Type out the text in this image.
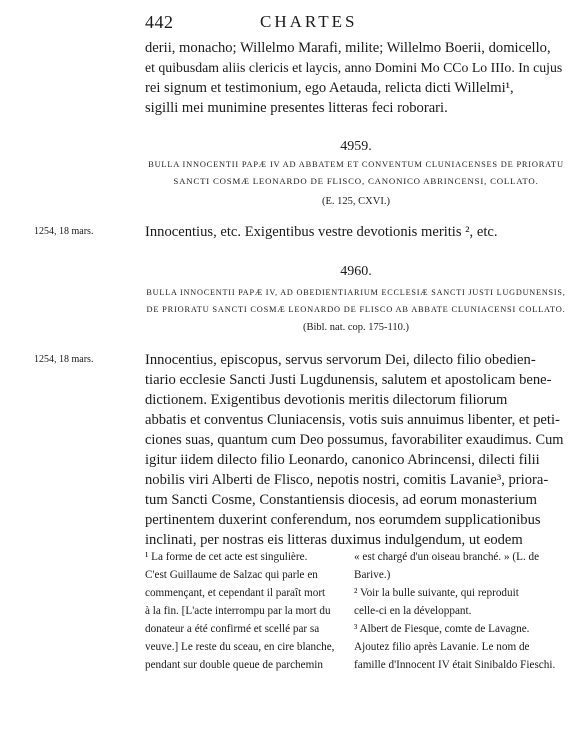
442	CHARTES
derii, monacho; Willelmo Marafi, milite; Willelmo Boerii, domicello,
et quibusdam aliis clericis et laycis, anno Domini Mo CCo Lo IIIo. In cujus
rei signum et testimonium, ego Aetauda, relicta dicti Willelmi¹,
sigilli mei munimine presentes litteras feci roborari.
4959.
BULLA INNOCENTII PAPÆ IV AD ABBATEM ET CONVENTUM CLUNIACENSES DE PRIORATU
SANCTI COSMÆ LEONARDO DE FLISCO, CANONICO ABRINCENSI, COLLATO.
(E. 125, CXVI.)
1254, 18 mars.	Innocentius, etc. Exigentibus vestre devotionis meritis ², etc.
4960.
BULLA INNOCENTII PAPÆ IV, AD OBEDIENTIARIUM ECCLESIÆ SANCTI JUSTI LUGDUNENSIS,
DE PRIORATU SANCTI COSMÆ LEONARDO DE FLISCO AB ABBATE CLUNIACENSI COLLATO.
(Bibl. nat. cop. 175-110.)
1254, 18 mars.	Innocentius, episcopus, servus servorum Dei, dilecto filio obedien-
tiario ecclesie Sancti Justi Lugdunensis, salutem et apostolicam bene-
dictionem. Exigentibus devotionis meritis dilectorum filiorum
abbatis et conventus Cluniacensis, votis suis annuimus libenter, et peti-
ciones suas, quantum cum Deo possumus, favorabiliter exaudimus. Cum
igitur iidem dilecto filio Leonardo, canonico Abrincensi, dilecti filii
nobilis viri Alberti de Flisco, nepotis nostri, comitis Lavanie³, priora-
tum Sancti Cosme, Constantiensis diocesis, ad eorum monasterium
pertinentem duxerint conferendum, nos eorumdem supplicationibus
inclinati, per nostras eis litteras duximus indulgendum, ut eodem
¹ La forme de cet acte est singulière.
C'est Guillaume de Salzac qui parle en
commençant, et cependant il paraît mort
à la fin. [L'acte interrompu par la mort du
donateur a été confirmé et scellé par sa
veuve.] Le reste du sceau, en cire blanche,
pendant sur double queue de parchemin
« est chargé d'un oiseau branché. » (L. de
Barive.)
² Voir la bulle suivante, qui reproduit
celle-ci en la développant.
³ Albert de Fiesque, comte de Lavagne.
Ajoutez filio après Lavanie. Le nom de
famille d'Innocent IV était Sinibaldo Fieschi.
